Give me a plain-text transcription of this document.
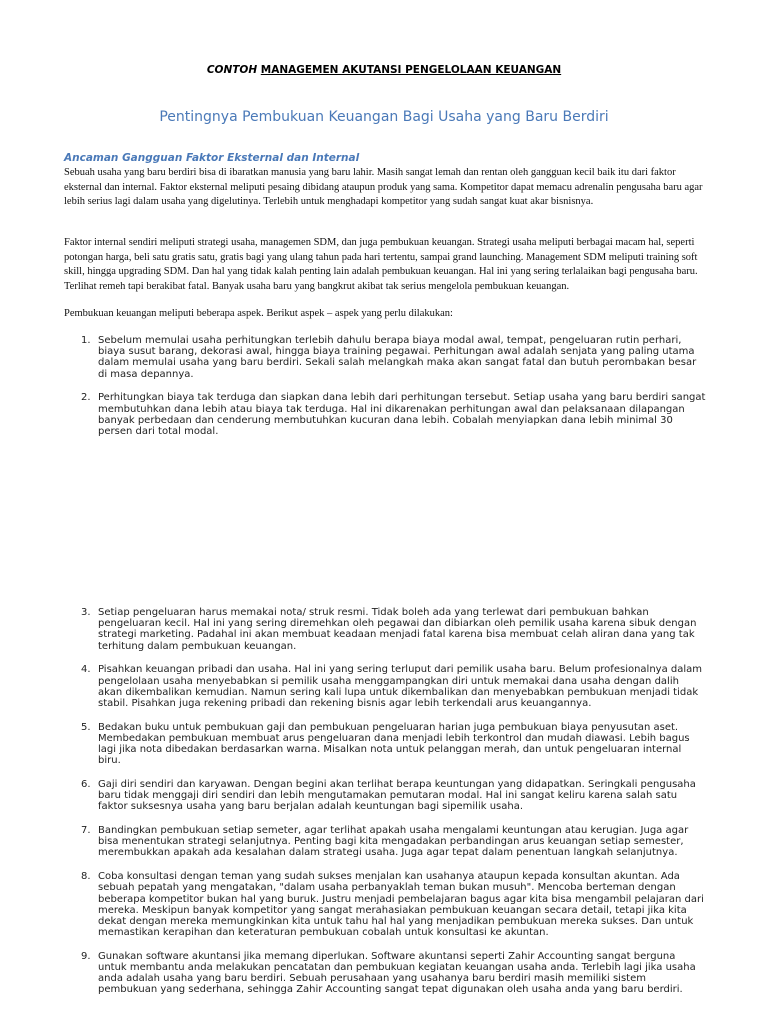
CONTOH MANAGEMEN AKUTANSI PENGELOLAAN KEUANGAN
Pentingnya Pembukuan Keuangan Bagi Usaha yang Baru Berdiri
Ancaman Gangguan Faktor Eksternal dan Internal

Sebuah usaha yang baru berdiri bisa di ibaratkan manusia yang baru lahir. Masih sangat lemah dan rentan oleh gangguan kecil baik itu dari faktor eksternal dan internal. Faktor eksternal meliputi pesaing dibidang ataupun produk yang sama. Kompetitor dapat memacu adrenalin pengusaha baru agar lebih serius lagi dalam usaha yang digelutinya. Terlebih untuk menghadapi kompetitor yang sudah sangat kuat akar bisnisnya.

Faktor internal sendiri meliputi strategi usaha, managemen SDM, dan juga pembukuan keuangan. Strategi usaha meliputi berbagai macam hal, seperti potongan harga, beli satu gratis satu, gratis bagi yang ulang tahun pada hari tertentu, sampai grand launching. Management SDM meliputi training soft skill, hingga upgrading SDM. Dan hal yang tidak kalah penting lain adalah pembukuan keuangan. Hal ini yang sering terlalaikan bagi pengusaha baru. Terlihat remeh tapi berakibat fatal. Banyak usaha baru yang bangkrut akibat tak serius mengelola pembukuan keuangan.

Pembukuan keuangan meliputi beberapa aspek. Berikut aspek – aspek yang perlu dilakukan:

1. Sebelum memulai usaha perhitungkan terlebih dahulu berapa biaya modal awal, tempat, pengeluaran rutin perhari, biaya susut barang, dekorasi awal, hingga biaya training pegawai. Perhitungan awal adalah senjata yang paling utama dalam memulai usaha yang baru berdiri. Sekali salah melangkah maka akan sangat fatal dan butuh perombakan besar di masa depannya.
2. Perhitungkan biaya tak terduga dan siapkan dana lebih dari perhitungan tersebut. Setiap usaha yang baru berdiri sangat membutuhkan dana lebih atau biaya tak terduga. Hal ini dikarenakan perhitungan awal dan pelaksanaan dilapangan banyak perbedaan dan cenderung membutuhkan kucuran dana lebih. Cobalah menyiapkan dana lebih minimal 30 persen dari total modal.
3. Setiap pengeluaran harus memakai nota/ struk resmi. Tidak boleh ada yang terlewat dari pembukuan bahkan pengeluaran kecil. Hal ini yang sering diremehkan oleh pegawai dan dibiarkan oleh pemilik usaha karena sibuk dengan strategi marketing. Padahal ini akan membuat keadaan menjadi fatal karena bisa membuat celah aliran dana yang tak terhitung dalam pembukuan keuangan.
4. Pisahkan keuangan pribadi dan usaha. Hal ini yang sering terluput dari pemilik usaha baru. Belum profesionalnya dalam pengelolaan usaha menyebabkan si pemilik usaha menggampangkan diri untuk memakai dana usaha dengan dalih akan dikembalikan kemudian. Namun sering kali lupa untuk dikembalikan dan menyebabkan pembukuan menjadi tidak stabil. Pisahkan juga rekening pribadi dan rekening bisnis agar lebih terkendali arus keuangannya.
5. Bedakan buku untuk pembukuan gaji dan pembukuan pengeluaran harian juga pembukuan biaya penyusutan aset. Membedakan pembukuan membuat arus pengeluaran dana menjadi lebih terkontrol dan mudah diawasi. Lebih bagus lagi jika nota dibedakan berdasarkan warna. Misalkan nota untuk pelanggan merah, dan untuk pengeluaran internal biru.
6. Gaji diri sendiri dan karyawan. Dengan begini akan terlihat berapa keuntungan yang didapatkan. Seringkali pengusaha baru tidak menggaji diri sendiri dan lebih mengutamakan pemutaran modal. Hal ini sangat keliru karena salah satu faktor suksesnya usaha yang baru berjalan adalah keuntungan bagi sipemilik usaha.
7. Bandingkan pembukuan setiap semeter, agar terlihat apakah usaha mengalami keuntungan atau kerugian. Juga agar bisa menentukan strategi selanjutnya. Penting bagi kita mengadakan perbandingan arus keuangan setiap semester, merembukkan apakah ada kesalahan dalam strategi usaha. Juga agar tepat dalam penentuan langkah selanjutnya.
8. Coba konsultasi dengan teman yang sudah sukses menjalan kan usahanya ataupun kepada konsultan akuntan. Ada sebuah pepatah yang mengatakan, "dalam usaha perbanyaklah teman bukan musuh". Mencoba berteman dengan beberapa kompetitor bukan hal yang buruk. Justru menjadi pembelajaran bagus agar kita bisa mengambil pelajaran dari mereka. Meskipun banyak kompetitor yang sangat merahasiakan pembukuan keuangan secara detail, tetapi jika kita dekat dengan mereka memungkinkan kita untuk tahu hal hal yang menjadikan pembukuan mereka sukses. Dan untuk memastikan kerapihan dan keteraturan pembukuan cobalah untuk konsultasi ke akuntan.
9. Gunakan software akuntansi jika memang diperlukan. Software akuntansi seperti Zahir Accounting sangat berguna untuk membantu anda melakukan pencatatan dan pembukuan kegiatan keuangan usaha anda. Terlebih lagi jika usaha anda adalah usaha yang baru berdiri. Sebuah perusahaan yang usahanya baru berdiri masih memiliki sistem pembukuan yang sederhana, sehingga Zahir Accounting sangat tepat digunakan oleh usaha anda yang baru berdiri.
